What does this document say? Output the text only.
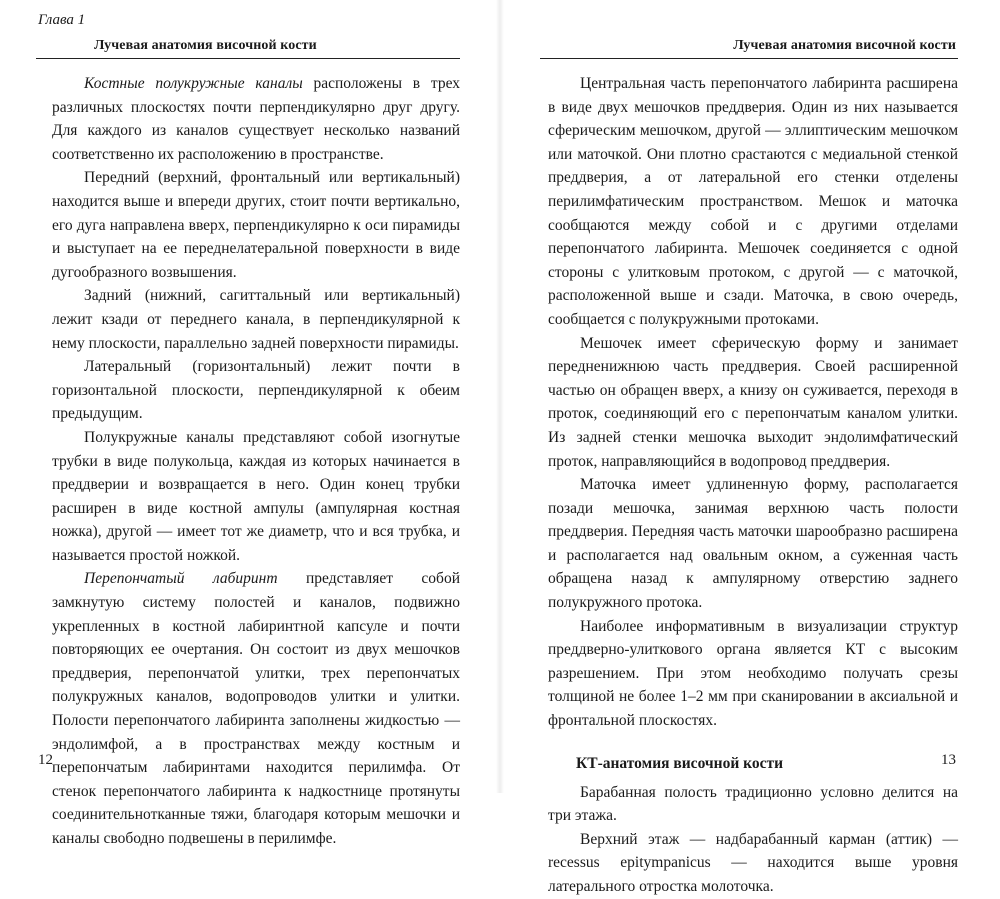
Глава 1
Лучевая анатомия височной кости

Костные полукружные каналы расположены в трех различных плоскостях почти перпендикулярно друг другу. Для каждого из каналов существует несколько названий соответственно их расположению в пространстве.

Передний (верхний, фронтальный или вертикальный) находится выше и впереди других, стоит почти вертикально, его дуга направлена вверх, перпендикулярно к оси пирамиды и выступает на ее переднелатеральной поверхности в виде дугообразного возвышения.

Задний (нижний, сагиттальный или вертикальный) лежит кзади от переднего канала, в перпендикулярной к нему плоскости, параллельно задней поверхности пирамиды.

Латеральный (горизонтальный) лежит почти в горизонтальной плоскости, перпендикулярной к обеим предыдущим.

Полукружные каналы представляют собой изогнутые трубки в виде полукольца, каждая из которых начинается в преддверии и возвращается в него. Один конец трубки расширен в виде костной ампулы (ампулярная костная ножка), другой — имеет тот же диаметр, что и вся трубка, и называется простой ножкой.

Перепончатый лабиринт представляет собой замкнутую систему полостей и каналов, подвижно укрепленных в костной лабиринтной капсуле и почти повторяющих ее очертания. Он состоит из двух мешочков преддверия, перепончатой улитки, трех перепончатых полукружных каналов, водопроводов улитки и улитки. Полости перепончатого лабиринта заполнены жидкостью — эндолимфой, а в пространствах между костным и перепончатым лабиринтами находится перилимфа. От стенок перепончатого лабиринта к надкостнице протянуты соединительнотканные тяжи, благодаря которым мешочки и каналы свободно подвешены в перилимфе.

12
Лучевая анатомия височной кости

Центральная часть перепончатого лабиринта расширена в виде двух мешочков преддверия. Один из них называется сферическим мешочком, другой — эллиптическим мешочком или маточкой. Они плотно срастаются с медиальной стенкой преддверия, а от латеральной его стенки отделены перилимфатическим пространством. Мешок и маточка сообщаются между собой и с другими отделами перепончатого лабиринта. Мешочек соединяется с одной стороны с улитковым протоком, с другой — с маточкой, расположенной выше и сзади. Маточка, в свою очередь, сообщается с полукружными протоками.

Мешочек имеет сферическую форму и занимает передненижнюю часть преддверия. Своей расширенной частью он обращен вверх, а книзу он суживается, переходя в проток, соединяющий его с перепончатым каналом улитки. Из задней стенки мешочка выходит эндолимфатический проток, направляющийся в водопровод преддверия.

Маточка имеет удлиненную форму, располагается позади мешочка, занимая верхнюю часть полости преддверия. Передняя часть маточки шарообразно расширена и располагается над овальным окном, а суженная часть обращена назад к ампулярному отверстию заднего полукружного протока.

Наиболее информативным в визуализации структур преддверно-улиткового органа является КТ с высоким разрешением. При этом необходимо получать срезы толщиной не более 1–2 мм при сканировании в аксиальной и фронтальной плоскостях.

КТ-анатомия височной кости

Барабанная полость традиционно условно делится на три этажа.

Верхний этаж — надбарабанный карман (аттик) — recessus epitympanicus — находится выше уровня латерального отростка молоточка.

13
